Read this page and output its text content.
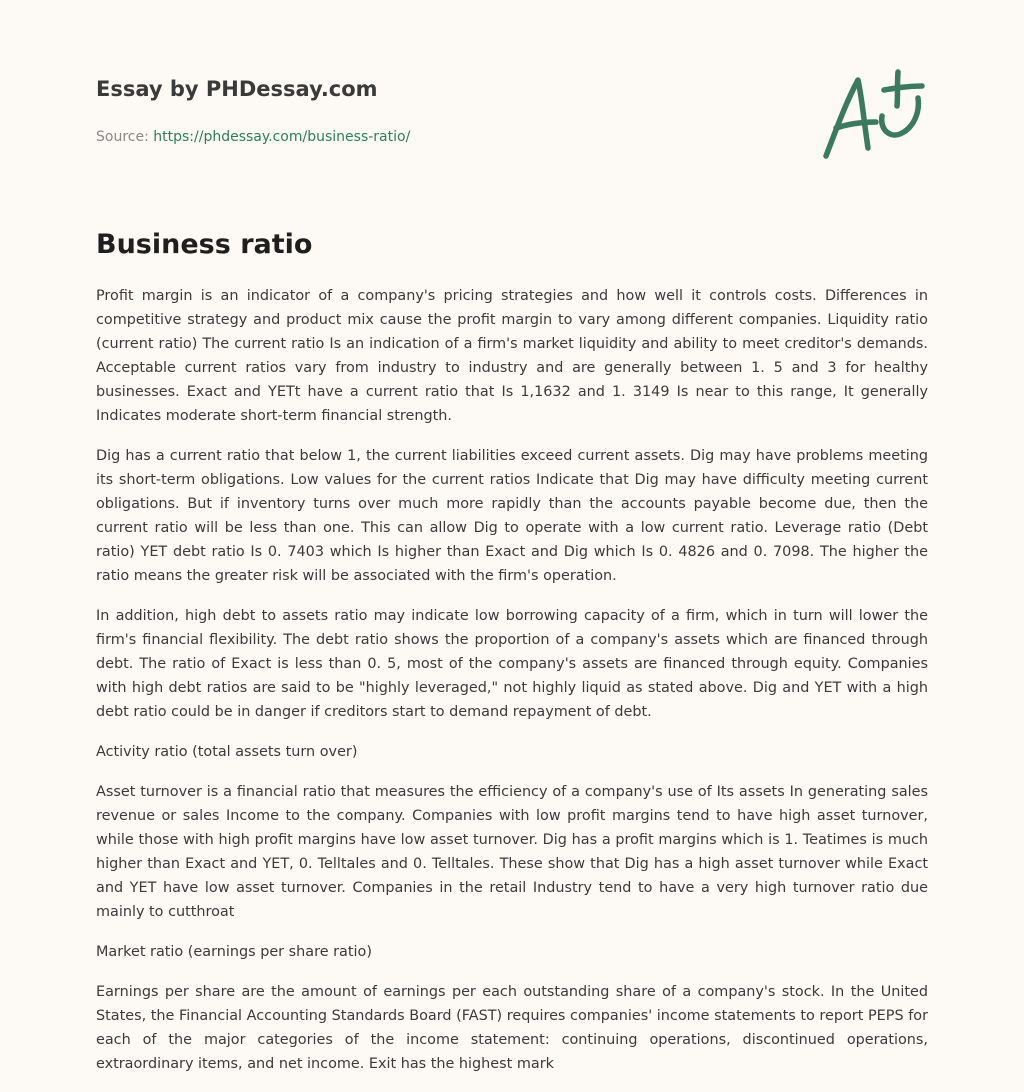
Essay by PHDessay.com
Source: https://phdessay.com/business-ratio/
Business ratio

Profit margin is an indicator of a company's pricing strategies and how well it controls costs. Differences in competitive strategy and product mix cause the profit margin to vary among different companies. Liquidity ratio (current ratio) The current ratio Is an indication of a firm's market liquidity and ability to meet creditor's demands. Acceptable current ratios vary from industry to industry and are generally between 1. 5 and 3 for healthy businesses. Exact and YETt have a current ratio that Is 1,1632 and 1. 3149 Is near to this range, It generally Indicates moderate short-term financial strength.

Dig has a current ratio that below 1, the current liabilities exceed current assets. Dig may have problems meeting its short-term obligations. Low values for the current ratios Indicate that Dig may have difficulty meeting current obligations. But if inventory turns over much more rapidly than the accounts payable become due, then the current ratio will be less than one. This can allow Dig to operate with a low current ratio. Leverage ratio (Debt ratio) YET debt ratio Is 0. 7403 which Is higher than Exact and Dig which Is 0. 4826 and 0. 7098. The higher the ratio means the greater risk will be associated with the firm's operation.

In addition, high debt to assets ratio may indicate low borrowing capacity of a firm, which in turn will lower the firm's financial flexibility. The debt ratio shows the proportion of a company's assets which are financed through debt. The ratio of Exact is less than 0. 5, most of the company's assets are financed through equity. Companies with high debt ratios are said to be "highly leveraged," not highly liquid as stated above. Dig and YET with a high debt ratio could be in danger if creditors start to demand repayment of debt.

Activity ratio (total assets turn over)

Asset turnover is a financial ratio that measures the efficiency of a company's use of Its assets In generating sales revenue or sales Income to the company. Companies with low profit margins tend to have high asset turnover, while those with high profit margins have low asset turnover. Dig has a profit margins which is 1. Teatimes is much higher than Exact and YET, 0. Telltales and 0. Telltales. These show that Dig has a high asset turnover while Exact and YET have low asset turnover. Companies in the retail Industry tend to have a very high turnover ratio due mainly to cutthroat

Market ratio (earnings per share ratio)

Earnings per share are the amount of earnings per each outstanding share of a company's stock. In the United States, the Financial Accounting Standards Board (FAST) requires companies' income statements to report PEPS for each of the major categories of the income statement: continuing operations, discontinued operations, extraordinary items, and net income. Exit has the highest mark
